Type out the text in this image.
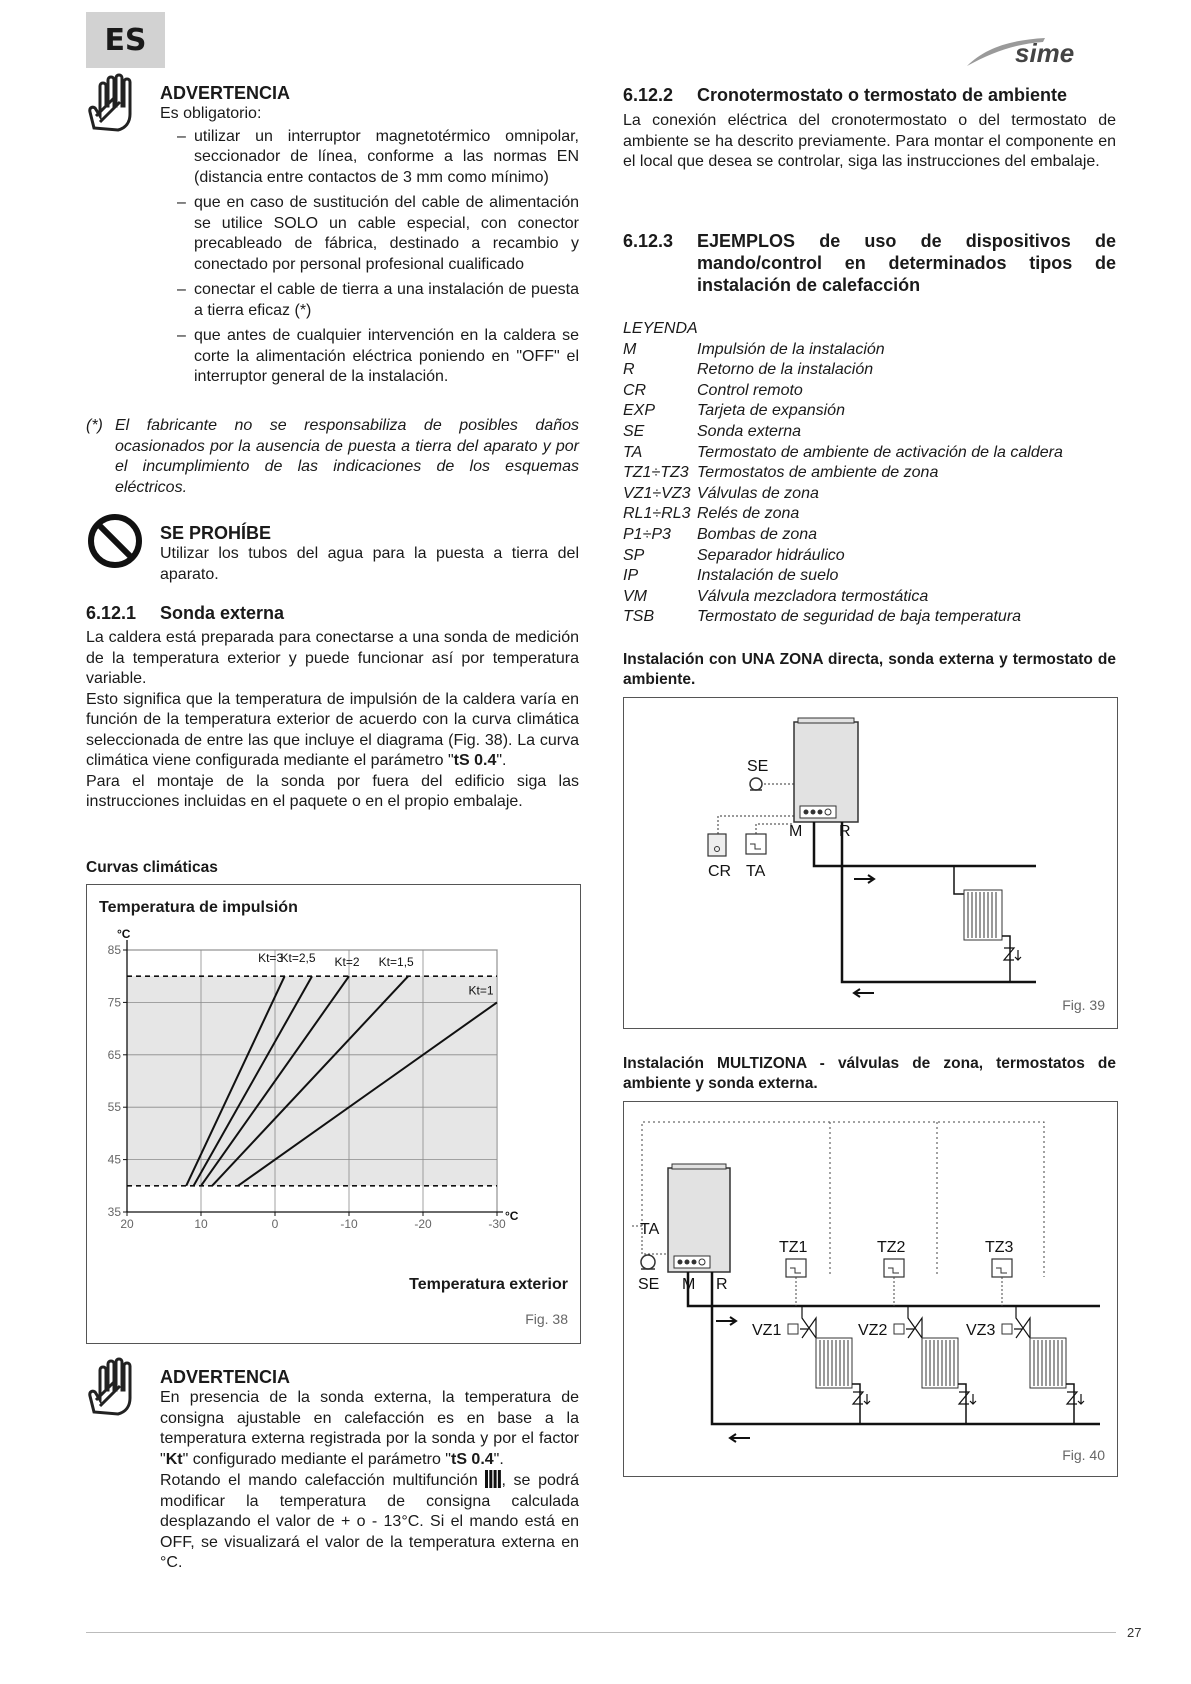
ES	sime
ADVERTENCIA
Es obligatorio:
– utilizar un interruptor magnetotérmico omnipolar, seccionador de línea, conforme a las normas EN (distancia entre contactos de 3 mm como mínimo)
– que en caso de sustitución del cable de alimentación se utilice SOLO un cable especial, con conector precableado de fábrica, destinado a recambio y conectado por personal profesional cualificado
– conectar el cable de tierra a una instalación de puesta a tierra eficaz (*)
– que antes de cualquier intervención en la caldera se corte la alimentación eléctrica poniendo en "OFF" el interruptor general de la instalación.
(*) El fabricante no se responsabiliza de posibles daños ocasionados por la ausencia de puesta a tierra del aparato y por el incumplimiento de las indicaciones de los esquemas eléctricos.
SE PROHÍBE
Utilizar los tubos del agua para la puesta a tierra del aparato.
6.12.1 Sonda externa
La caldera está preparada para conectarse a una sonda de medición de la temperatura exterior y puede funcionar así por temperatura variable.
Esto significa que la temperatura de impulsión de la caldera varía en función de la temperatura exterior de acuerdo con la curva climática seleccionada de entre las que incluye el diagrama (Fig. 38). La curva climática viene configurada mediante el parámetro "tS 0.4".
Para el montaje de la sonda por fuera del edificio siga las instrucciones incluidas en el paquete o en el propio embalaje.
Curvas climáticas
Temperatura de impulsión
85
75
65
55
45
35
20	10	0	-10	-20	-30
°C
°C
Kt=3
Kt=2,5 Kt=2 Kt=1,5
Kt=1
Temperatura exterior
Fig. 38
ADVERTENCIA
En presencia de la sonda externa, la temperatura de consigna ajustable en calefacción es en base a la temperatura externa registrada por la sonda y por el factor "Kt" configurado mediante el parámetro "tS 0.4".
Rotando el mando calefacción multifunción , se podrá modificar la temperatura de consigna calculada desplazando el valor de + o - 13°C. Si el mando está en OFF, se visualizará el valor de la temperatura externa en °C.
6.12.2 Cronotermostato o termostato de ambiente
La conexión eléctrica del cronotermostato o del termostato de ambiente se ha descrito previamente. Para montar el componente en el local que desea se controlar, siga las instrucciones del embalaje.
6.12.3	EJEMPLOS de uso de dispositivos de mando/control en determinados tipos de instalación de calefacción
LEYENDA
M	Impulsión de la instalación
R	Retorno de la instalación
CR	Control remoto
EXP	Tarjeta de expansión
SE	Sonda externa
TA	Termostato de ambiente de activación de la caldera
TZ1÷TZ3 Termostatos de ambiente de zona
VZ1÷VZ3 Válvulas de zona
RL1÷RL3 Relés de zona
P1÷P3	Bombas de zona
SP	Separador hidráulico
IP	Instalación de suelo
VM	Válvula mezcladora termostática
TSB	Termostato de seguridad de baja temperatura
Instalación con UNA ZONA directa, sonda externa y termostato de ambiente.
SE
CR TA
M R
Fig. 39
Instalación MULTIZONA - válvulas de zona, termostatos de ambiente y sonda externa.
TA
SE M R
TZ1
VZ1
TZ2
VZ2
TZ3
VZ3
Fig. 40
27
